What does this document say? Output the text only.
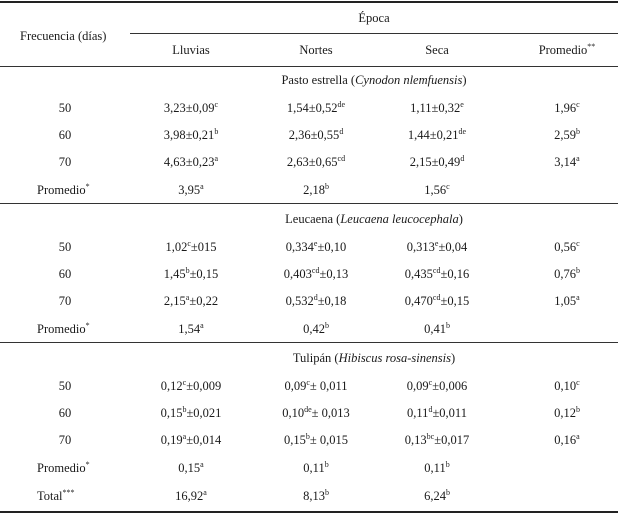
Frecuencia (días)
Época
Lluvias	Nortes	Seca	Promedio**
Pasto estrella (Cynodon nlemfuensis)
50	3,23±0,09$^c$	1,54±0,52de	1,11±0,32$^e$	1,96$^c$
60	3,98±0,21$^b$	2,36±0,55$^d$	1,44±0,21de	2,59$^b$
70	4,63±0,23$^a$	2,63±0,65$^{cd}$	2,15±0,49$^d$	3,14$^a$
Promedio*	3,95$^a$	2,18$^b$	1,56$^c$
Leucaena (Leucaena leucocephala)
50	1,02$^c$±015	0,334$^e$±0,10	0,313$^e$±0,04	0,56$^c$
60	1,45$^b$±0,15	0,403$^{cd}$±0,13	0,435$^{cd}$±0,16	0,76$^b$
70	2,15$^a$±0,22	0,532$^d$±0,18	0,470$^{cd}$±0,15	1,05$^a$
Promedio*	1,54$^a$	0,42$^b$	0,41$^b$
Tulipán (Hibiscus rosa-sinensis)
50	0,12$^c$±0,009	0,09$^c$± 0,011	0,09$^c$±0,006	0,10$^c$
60	0,15$^b$±0,021	0,10de± 0,013	0,11$^d$±0,011	0,12$^b$
70	0,19$^a$±0,014	0,15$^b$± 0,015	0,13$^{bc}$±0,017	0,16$^a$
Promedio*	0,15$^a$	0,11$^b$	0,11$^b$
Total***	16,92$^a$	8,13$^b$	6,24$^b$
